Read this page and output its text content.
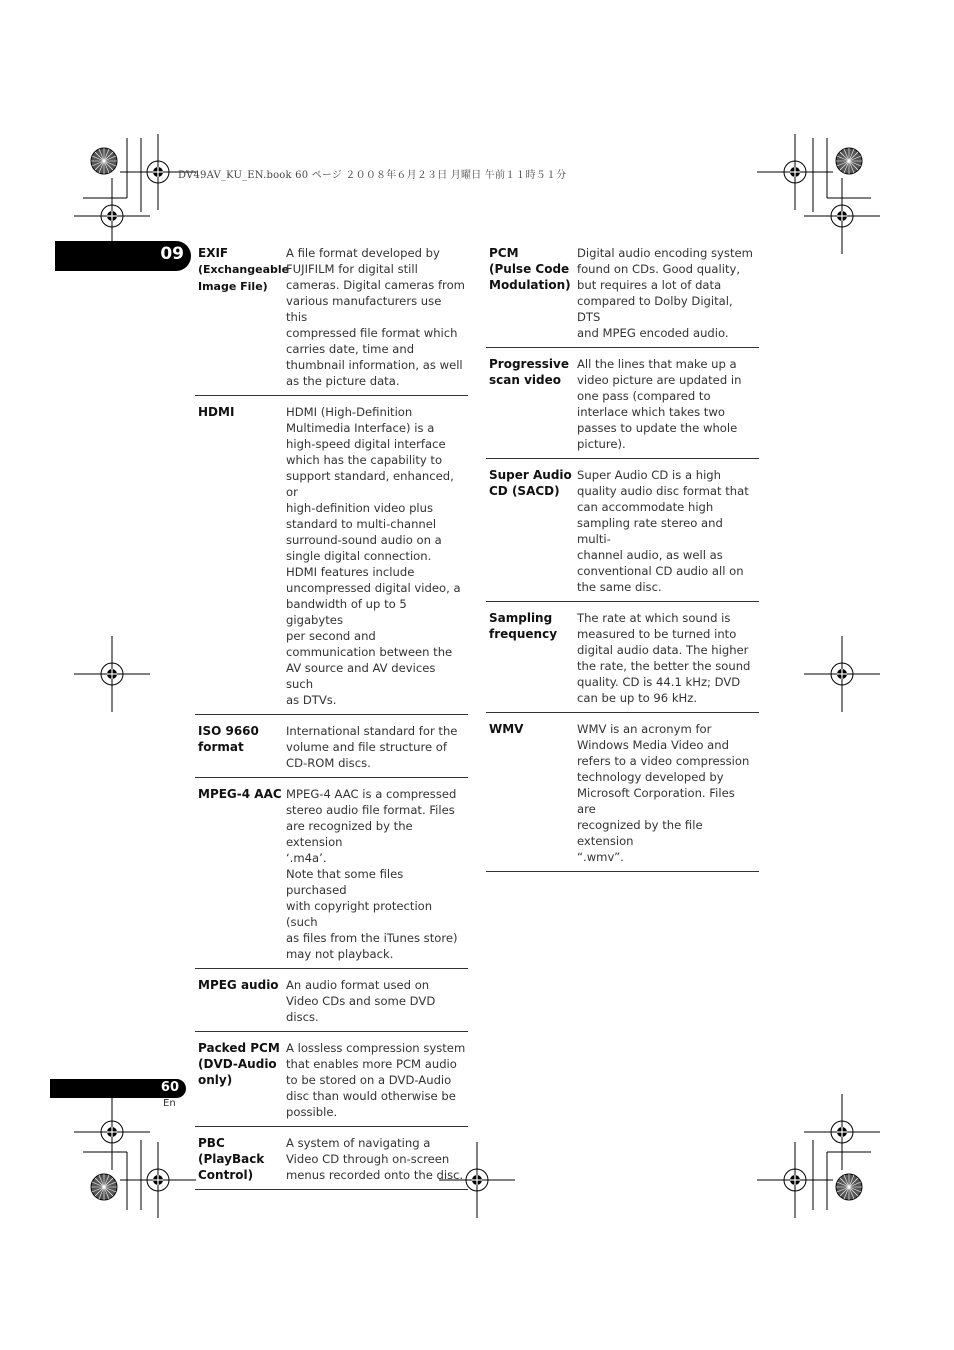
DV49AV_KU_EN.book 60 ページ ２００８年６月２３日 月曜日 午前１１時５１分
09 EXIF
(Exchangeable
Image File)
A file format developed by
FUJIFILM for digital still
cameras. Digital cameras from
various manufacturers use this
compressed file format which
carries date, time and
thumbnail information, as well
as the picture data.
HDMI	HDMI (High-Definition
Multimedia Interface) is a
high-speed digital interface
which has the capability to
support standard, enhanced, or
high-definition video plus
standard to multi-channel
surround-sound audio on a
single digital connection.
HDMI features include
uncompressed digital video, a
bandwidth of up to 5 gigabytes
per second and
communication between the
AV source and AV devices such
as DTVs.
ISO 9660
format
International standard for the
volume and file structure of
CD-ROM discs.
MPEG-4 AAC MPEG-4 AAC is a compressed
stereo audio file format. Files
are recognized by the extension
‘.m4a’.
Note that some files purchased
with copyright protection (such
as files from the iTunes store)
may not playback.
MPEG audio An audio format used on
Video CDs and some DVD
discs.
Packed PCM
(DVD-Audio
only)
A lossless compression system
that enables more PCM audio
to be stored on a DVD-Audio
disc than would otherwise be
possible.
PBC
(PlayBack
Control)
A system of navigating a
Video CD through on-screen
menus recorded onto the disc.
PCM
(Pulse Code
Modulation)
Digital audio encoding system
found on CDs. Good quality,
but requires a lot of data
compared to Dolby Digital, DTS
and MPEG encoded audio.
Progressive
scan video
All the lines that make up a
video picture are updated in
one pass (compared to
interlace which takes two
passes to update the whole
picture).
Super Audio
CD (SACD)
Super Audio CD is a high
quality audio disc format that
can accommodate high
sampling rate stereo and multi-
channel audio, as well as
conventional CD audio all on
the same disc.
Sampling
frequency
The rate at which sound is
measured to be turned into
digital audio data. The higher
the rate, the better the sound
quality. CD is 44.1 kHz; DVD
can be up to 96 kHz.
WMV	WMV is an acronym for
Windows Media Video and
refers to a video compression
technology developed by
Microsoft Corporation. Files are
recognized by the file extension
“.wmv”.
60
En
